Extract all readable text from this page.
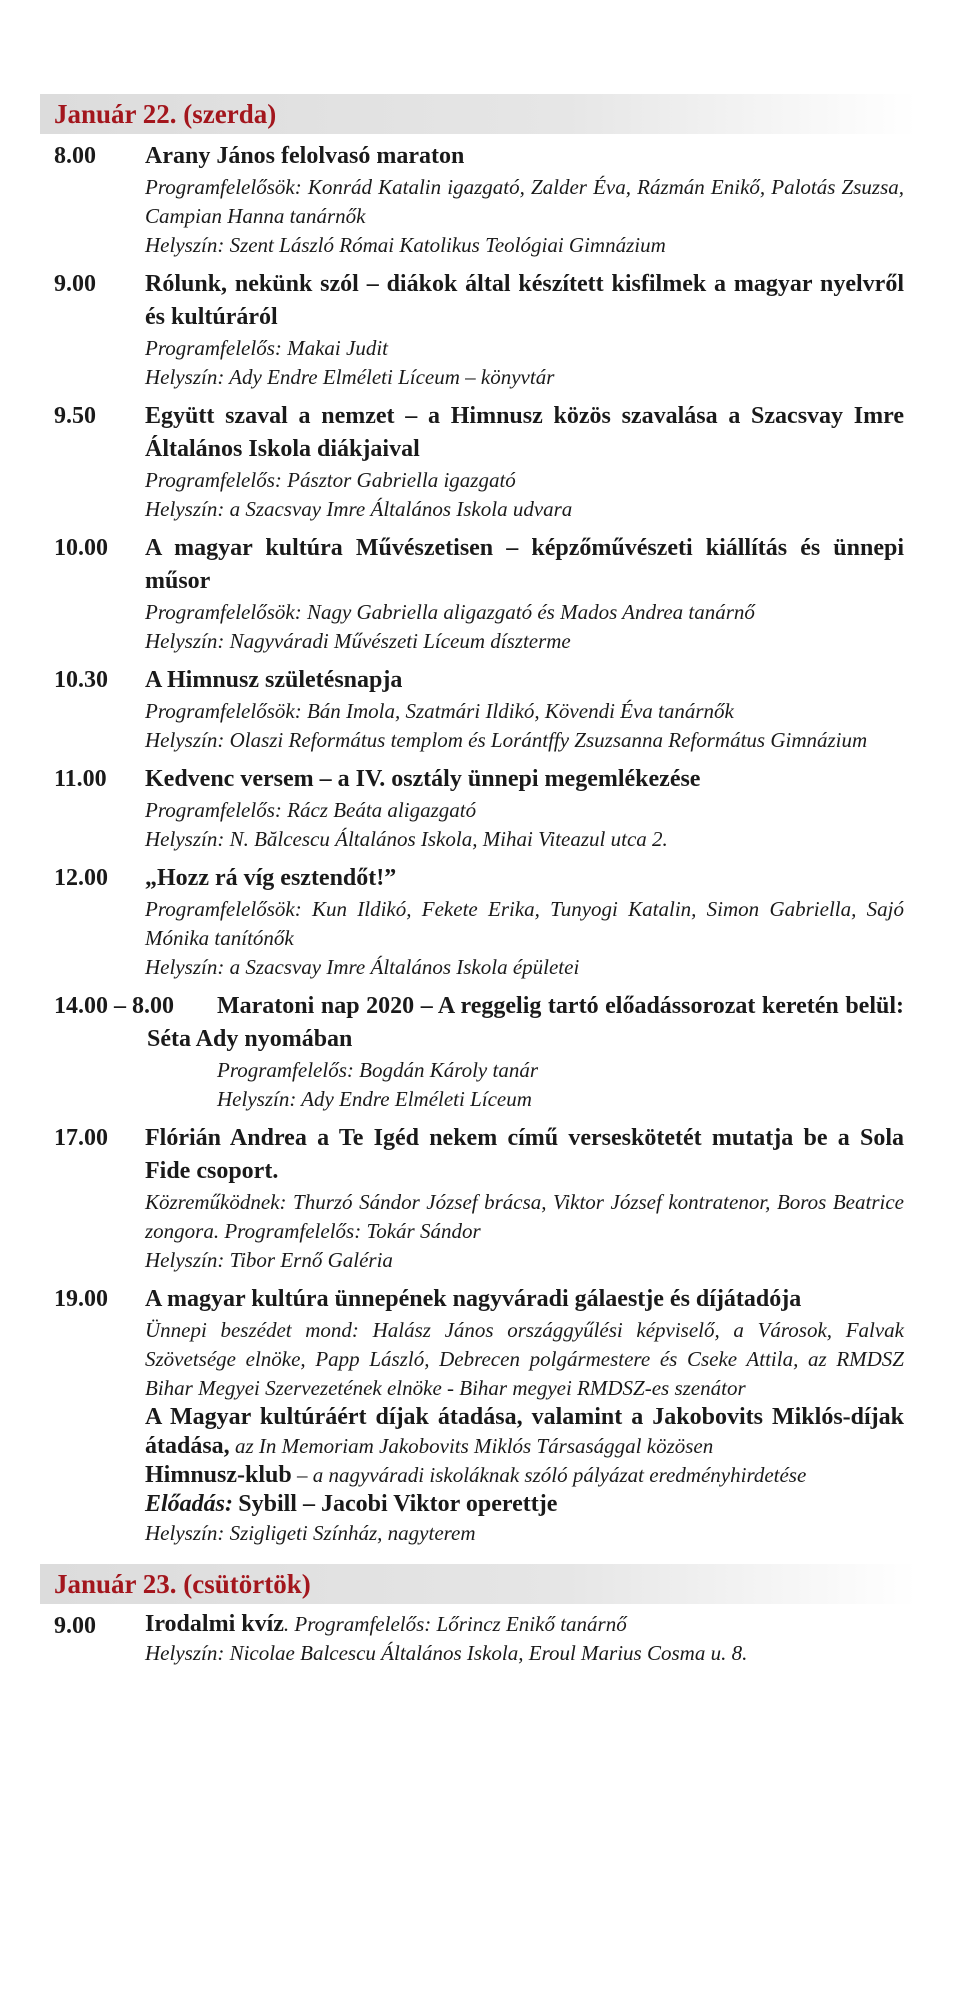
Január 22. (szerda)
8.00	Arany János felolvasó maraton
Programfelelősök: Konrád Katalin igazgató, Zalder Éva, Rázmán Enikő, Palotás Zsuzsa, Campian Hanna tanárnők
Helyszín: Szent László Római Katolikus Teológiai Gimnázium
9.00	Rólunk, nekünk szól – diákok által készített kisfilmek a magyar nyelvről és kultúráról
Programfelelős: Makai Judit
Helyszín: Ady Endre Elméleti Líceum – könyvtár
9.50	Együtt szaval a nemzet – a Himnusz közös szavalása a Szacsvay Imre Általános Iskola diákjaival
Programfelelős: Pásztor Gabriella igazgató
Helyszín: a Szacsvay Imre Általános Iskola udvara
10.00	A magyar kultúra Művészetisen – képzőművészeti kiállítás és ünnepi műsor
Programfelelősök: Nagy Gabriella aligazgató és Mados Andrea tanárnő
Helyszín: Nagyváradi Művészeti Líceum díszterme
10.30	A Himnusz születésnapja
Programfelelősök: Bán Imola, Szatmári Ildikó, Kövendi Éva tanárnők
Helyszín: Olaszi Református templom és Lorántffy Zsuzsanna Református Gimnázium
11.00	Kedvenc versem – a IV. osztály ünnepi megemlékezése
Programfelelős: Rácz Beáta aligazgató
Helyszín: N. Bălcescu Általános Iskola, Mihai Viteazul utca 2.
12.00	„Hozz rá víg esztendőt!”
Programfelelősök: Kun Ildikó, Fekete Erika, Tunyogi Katalin, Simon Gabriella, Sajó Mónika tanítónők
Helyszín: a Szacsvay Imre Általános Iskola épületei
14.00 – 8.00	Maratoni nap 2020 – A reggelig tartó előadássorozat keretén belül: Séta Ady nyomában
Programfelelős: Bogdán Károly tanár
Helyszín: Ady Endre Elméleti Líceum
17.00	Flórián Andrea a Te Igéd nekem című verseskötetét mutatja be a Sola Fide csoport.
Közreműködnek: Thurzó Sándor József brácsa, Viktor József kontratenor, Boros Beatrice zongora. Programfelelős: Tokár Sándor
Helyszín: Tibor Ernő Galéria
19.00	A magyar kultúra ünnepének nagyváradi gálaestje és díjátadója
Ünnepi beszédet mond: Halász János országgyűlési képviselő, a Városok, Falvak Szövetsége elnöke, Papp László, Debrecen polgármestere és Cseke Attila, az RMDSZ Bihar Megyei Szervezetének elnöke - Bihar megyei RMDSZ-es szenátor
A Magyar kultúráért díjak átadása, valamint a Jakobovits Miklós-díjak átadása, az In Memoriam Jakobovits Miklós Társasággal közösen
Himnusz-klub – a nagyváradi iskoláknak szóló pályázat eredményhirdetése
Előadás: Sybill – Jacobi Viktor operettje
Helyszín: Szigligeti Színház, nagyterem
Január 23. (csütörtök)
9.00	Irodalmi kvíz. Programfelelős: Lőrincz Enikő tanárnő
Helyszín: Nicolae Balcescu Általános Iskola, Eroul Marius Cosma u. 8.
